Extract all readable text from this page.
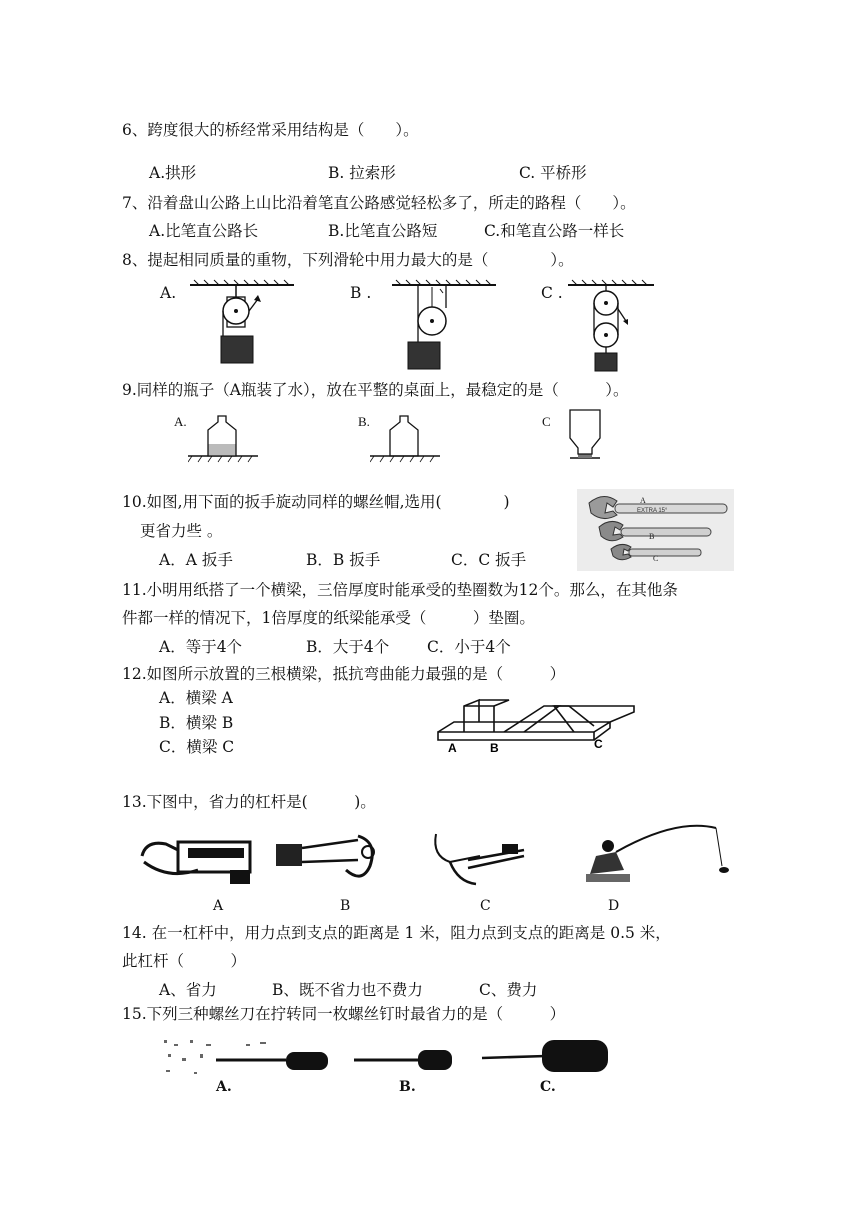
6、跨度很大的桥经常采用结构是（　　）。
A.拱形	B. 拉索形	C. 平桥形
7、沿着盘山公路上山比沿着笔直公路感觉轻松多了，所走的路程（　　）。
A.比笔直公路长	B.比笔直公路短	C.和笔直公路一样长
8、提起相同质量的重物，下列滑轮中用力最大的是（　　　　）。
A.	B .	C .
9.同样的瓶子（A瓶装了水），放在平整的桌面上，最稳定的是（　　　）。
A.	B.	C
10.如图,用下面的扳手旋动同样的螺丝帽,选用(　　　　)
更省力些 。
A．A 扳手	B．B 扳手	C．C 扳手
EXTRA 15°
A
B
C
11.小明用纸搭了一个横梁，三倍厚度时能承受的垫圈数为12个。那么，在其他条
件都一样的情况下，1倍厚度的纸梁能承受（　　　）垫圈。
A．等于4个	B．大于4个 C．小于4个
12.如图所示放置的三根横梁，抵抗弯曲能力最强的是（　　　）
A．横梁 A
B．横梁 B
C．横梁 C	A	B	C
13.下图中，省力的杠杆是(　　　)。
A	B	C	D
14. 在一杠杆中，用力点到支点的距离是 1 米，阻力点到支点的距离是 0.5 米，
此杠杆（　　　）
A、省力	B、既不省力也不费力	C、费力
15.下列三种螺丝刀在拧转同一枚螺丝钉时最省力的是（　　　）
A.	B.	C.
